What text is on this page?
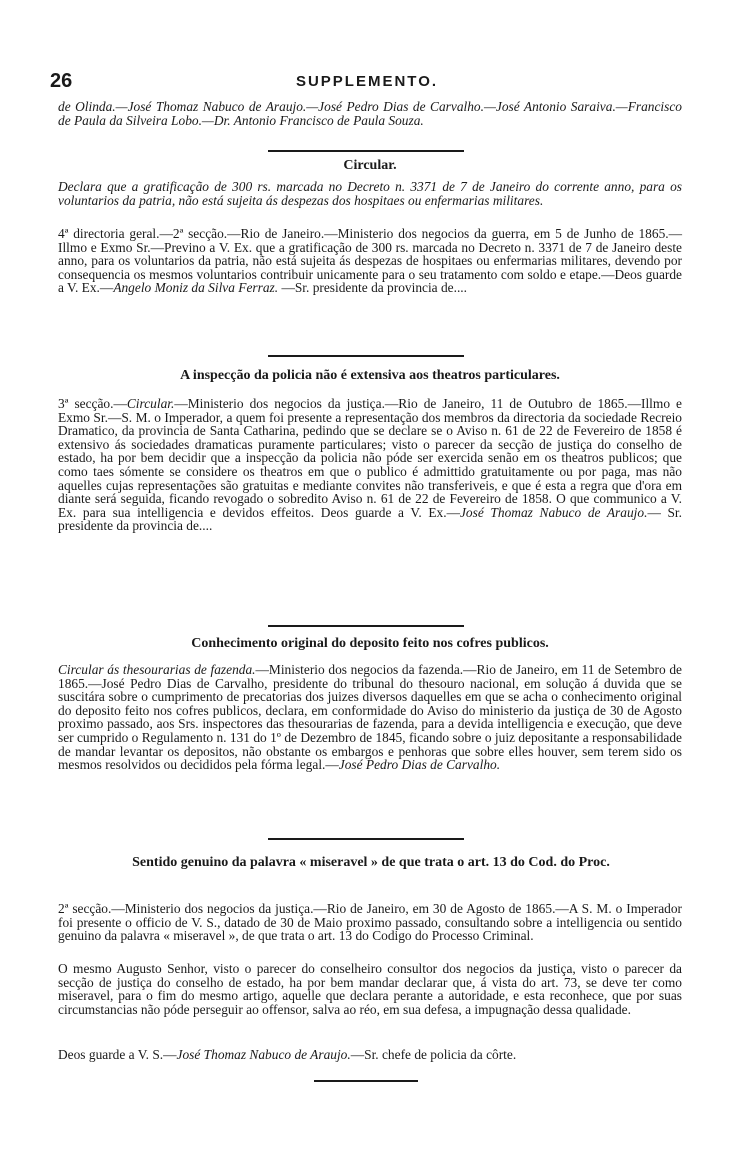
26	SUPPLEMENTO.

de Olinda.—José Thomaz Nabuco de Araujo.—José Pedro Dias de Carvalho.—José Antonio Saraiva.—Francisco de Paula da Silveira Lobo.—Dr. Antonio Francisco de Paula Souza.

Circular.

Declara que a gratificação de 300 rs. marcada no Decreto n. 3371 de 7 de Janeiro do corrente anno, para os voluntarios da patria, não está sujeita ás despezas dos hospitaes ou enfermarias militares.

4ª directoria geral.—2ª secção.—Rio de Janeiro.—Ministerio dos negocios da guerra, em 5 de Junho de 1865.—Illmo e Exmo Sr.—Previno a V. Ex. que a gratificação de 300 rs. marcada no Decreto n. 3371 de 7 de Janeiro deste anno, para os voluntarios da patria, não está sujeita ás despezas de hospitaes ou enfermarias militares, devendo por consequencia os mesmos voluntarios contribuir unicamente para o seu tratamento com soldo e etape.—Deos guarde a V. Ex.—Angelo Moniz da Silva Ferraz. —Sr. presidente da provincia de....

A inspecção da policia não é extensiva aos theatros particulares.

3ª secção.—Circular.—Ministerio dos negocios da justiça.—Rio de Janeiro, 11 de Outubro de 1865.—Illmo e Exmo Sr.—S. M. o Imperador, a quem foi presente a representação dos membros da directoria da sociedade Recreio Dramatico, da provincia de Santa Catharina, pedindo que se declare se o Aviso n. 61 de 22 de Fevereiro de 1858 é extensivo ás sociedades dramaticas puramente particulares; visto o parecer da secção de justiça do conselho de estado, ha por bem decidir que a inspecção da policia não póde ser exercida senão em os theatros publicos; que como taes sómente se considere os theatros em que o publico é admittido gratuitamente ou por paga, mas não aquelles cujas representações são gratuitas e mediante convites não transferiveis, e que é esta a regra que d'ora em diante será seguida, ficando revogado o sobredito Aviso n. 61 de 22 de Fevereiro de 1858. O que communico a V. Ex. para sua intelligencia e devidos effeitos. Deos guarde a V. Ex.—José Thomaz Nabuco de Araujo.— Sr. presidente da provincia de....

Conhecimento original do deposito feito nos cofres publicos.

Circular ás thesourarias de fazenda.—Ministerio dos negocios da fazenda.—Rio de Janeiro, em 11 de Setembro de 1865.—José Pedro Dias de Carvalho, presidente do tribunal do thesouro nacional, em solução á duvida que se suscitára sobre o cumprimento de precatorias dos juizes diversos daquelles em que se acha o conhecimento original do deposito feito nos cofres publicos, declara, em conformidade do Aviso do ministerio da justiça de 30 de Agosto proximo passado, aos Srs. inspectores das thesourarias de fazenda, para a devida intelligencia e execução, que deve ser cumprido o Regulamento n. 131 do 1º de Dezembro de 1845, ficando sobre o juiz depositante a responsabilidade de mandar levantar os depositos, não obstante os embargos e penhoras que sobre elles houver, sem terem sido os mesmos resolvidos ou decididos pela fórma legal.—José Pedro Dias de Carvalho.

Sentido genuino da palavra « miseravel » de que trata o art. 13 do Cod. do Proc.

2ª secção.—Ministerio dos negocios da justiça.—Rio de Janeiro, em 30 de Agosto de 1865.—A S. M. o Imperador foi presente o officio de V. S., datado de 30 de Maio proximo passado, consultando sobre a intelligencia ou sentido genuino da palavra « miseravel », de que trata o art. 13 do Codigo do Processo Criminal.

O mesmo Augusto Senhor, visto o parecer do conselheiro consultor dos negocios da justiça, visto o parecer da secção de justiça do conselho de estado, ha por bem mandar declarar que, á vista do art. 73, se deve ter como miseravel, para o fim do mesmo artigo, aquelle que declara perante a autoridade, e esta reconhece, que por suas circumstancias não póde perseguir ao offensor, salva ao réo, em sua defesa, a impugnação dessa qualidade.

Deos guarde a V. S.—José Thomaz Nabuco de Araujo.—Sr. chefe de policia da côrte.
